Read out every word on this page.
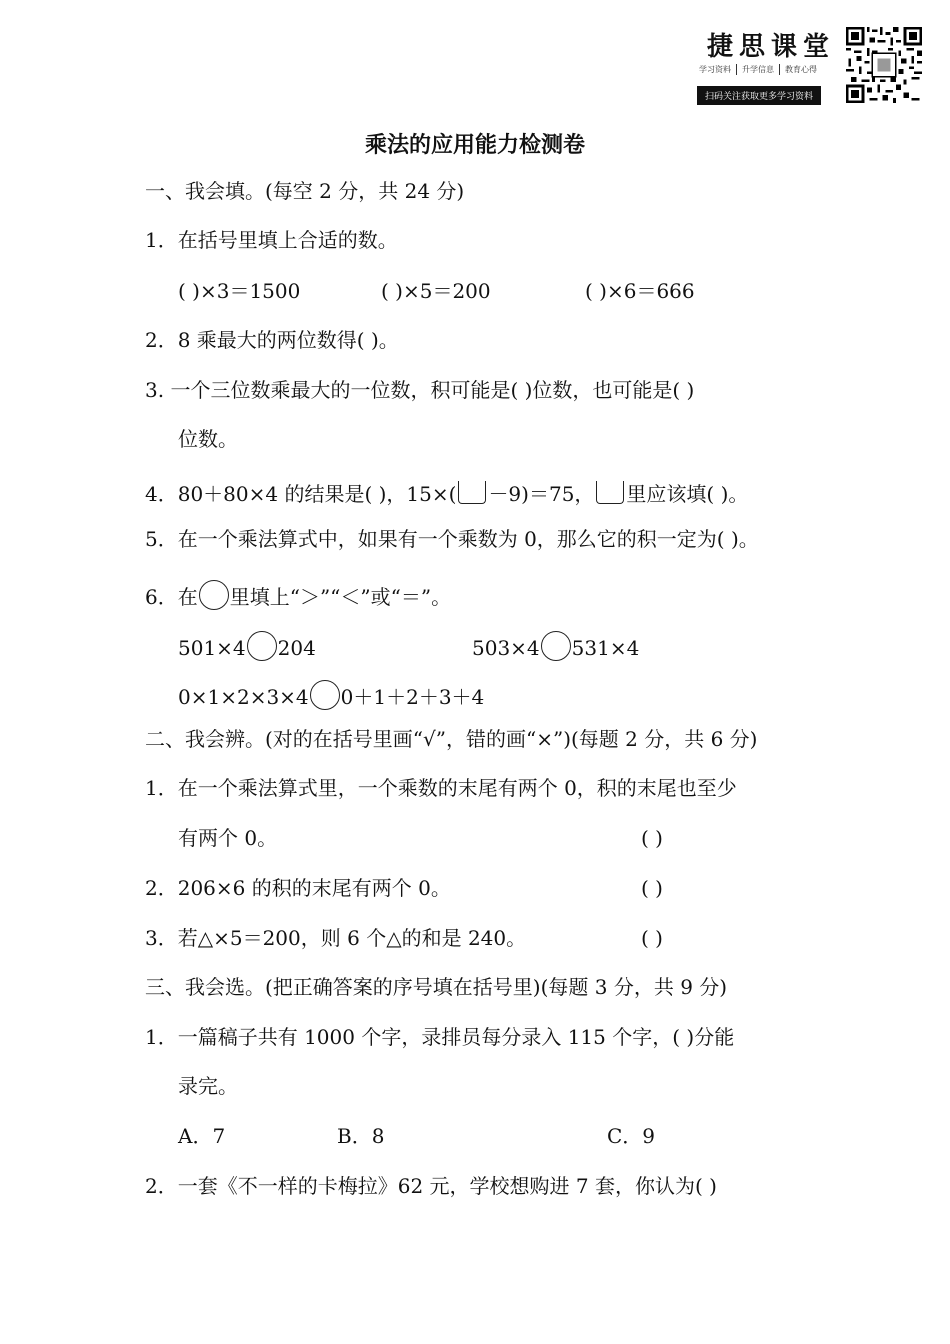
捷思课堂
学习资料 升学信息 教育心得
扫码关注获取更多学习资料
乘法的应用能力检测卷
一、我会填。(每空 2 分，共 24 分)
1．在括号里填上合适的数。
( )×3＝1500	( )×5＝200	( )×6＝666
2．8 乘最大的两位数得( )。
3. 一个三位数乘最大的一位数，积可能是( )位数，也可能是( )
位数。
4．80＋80×4 的结果是( )，15×( －9)＝75， 里应该填( )。
5．在一个乘法算式中，如果有一个乘数为 0，那么它的积一定为( )。
6．在 里填上“＞”“＜”或“＝”。
501×4 204	503×4 531×4
0×1×2×3×4 0＋1＋2＋3＋4
二、我会辨。(对的在括号里画“√”，错的画“×”)(每题 2 分，共 6 分)
1．在一个乘法算式里，一个乘数的末尾有两个 0，积的末尾也至少
有两个 0。	( )
2．206×6 的积的末尾有两个 0。	( )
3．若△×5＝200，则 6 个△的和是 240。	( )
三、我会选。(把正确答案的序号填在括号里)(每题 3 分，共 9 分)
1．一篇稿子共有 1000 个字，录排员每分录入 115 个字，( )分能
录完。
A．7	B．8	C．9
2．一套《不一样的卡梅拉》62 元，学校想购进 7 套，你认为( )
